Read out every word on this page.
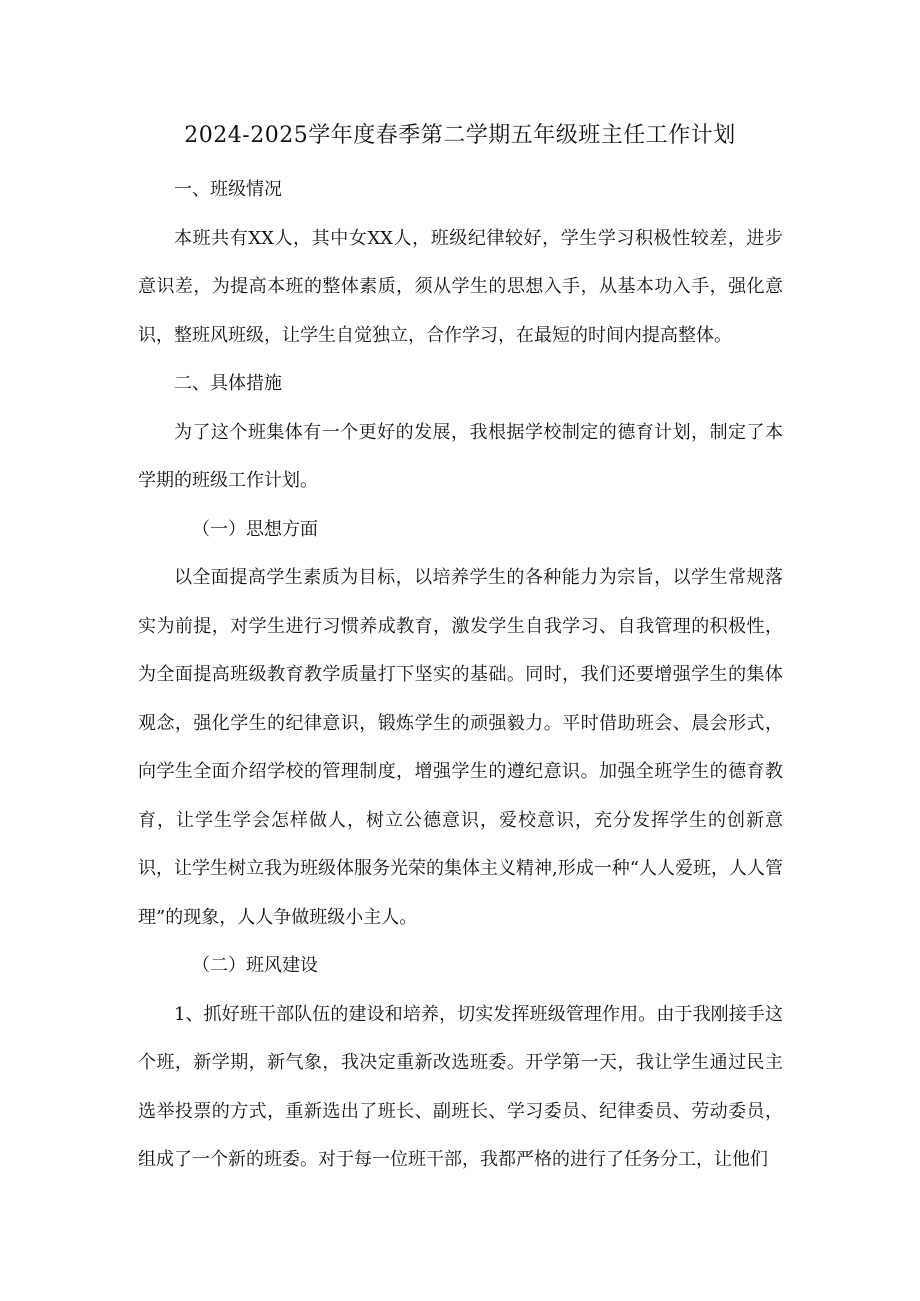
2024-2025学年度春季第二学期五年级班主任工作计划

一、班级情况

本班共有XX人，其中女XX人，班级纪律较好，学生学习积极性较差，进步意识差，为提高本班的整体素质，须从学生的思想入手，从基本功入手，强化意识，整班风班级，让学生自觉独立，合作学习，在最短的时间内提高整体。

二、具体措施

为了这个班集体有一个更好的发展，我根据学校制定的德育计划，制定了本学期的班级工作计划。

（一）思想方面

以全面提高学生素质为目标，以培养学生的各种能力为宗旨，以学生常规落实为前提，对学生进行习惯养成教育，激发学生自我学习、自我管理的积极性，为全面提高班级教育教学质量打下坚实的基础。同时，我们还要增强学生的集体观念，强化学生的纪律意识，锻炼学生的顽强毅力。平时借助班会、晨会形式，向学生全面介绍学校的管理制度，增强学生的遵纪意识。加强全班学生的德育教育，让学生学会怎样做人，树立公德意识，爱校意识，充分发挥学生的创新意识，让学生树立我为班级体服务光荣的集体主义精神,形成一种“人人爱班，人人管理”的现象，人人争做班级小主人。

（二）班风建设

1、抓好班干部队伍的建设和培养，切实发挥班级管理作用。由于我刚接手这个班，新学期，新气象，我决定重新改选班委。开学第一天，我让学生通过民主选举投票的方式，重新选出了班长、副班长、学习委员、纪律委员、劳动委员，组成了一个新的班委。对于每一位班干部，我都严格的进行了任务分工，让他们
